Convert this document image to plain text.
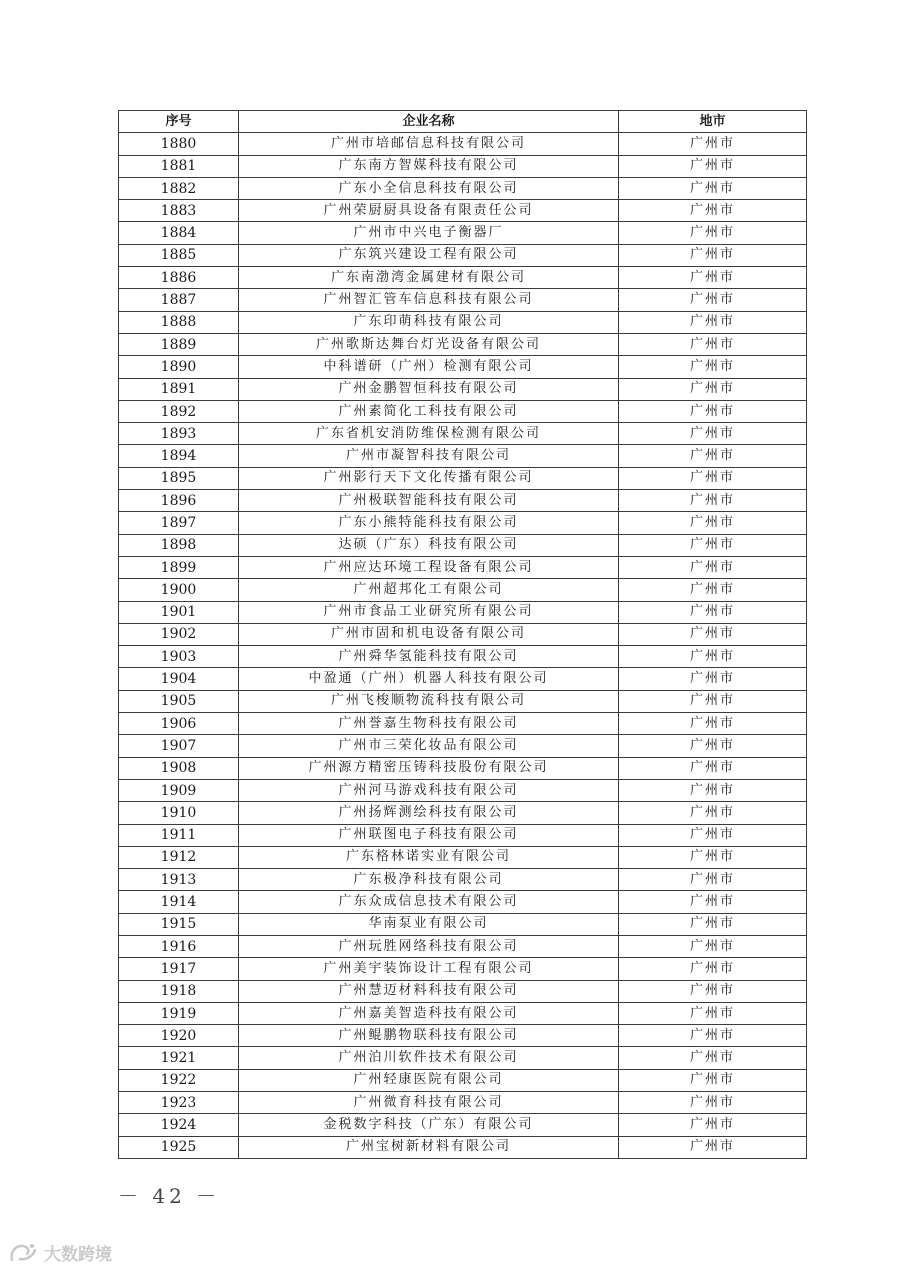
序号	企业名称	地市
1880	广州市培邮信息科技有限公司	广州市
1881	广东南方智媒科技有限公司	广州市
1882	广东小全信息科技有限公司	广州市
1883	广州荣厨厨具设备有限责任公司	广州市
1884	广州市中兴电子衡器厂	广州市
1885	广东筑兴建设工程有限公司	广州市
1886	广东南渤湾金属建材有限公司	广州市
1887	广州智汇管车信息科技有限公司	广州市
1888	广东印萌科技有限公司	广州市
1889	广州歌斯达舞台灯光设备有限公司	广州市
1890	中科谱研（广州）检测有限公司	广州市
1891	广州金鹏智恒科技有限公司	广州市
1892	广州素简化工科技有限公司	广州市
1893	广东省机安消防维保检测有限公司	广州市
1894	广州市凝智科技有限公司	广州市
1895	广州影行天下文化传播有限公司	广州市
1896	广州极联智能科技有限公司	广州市
1897	广东小熊特能科技有限公司	广州市
1898	达硕（广东）科技有限公司	广州市
1899	广州应达环境工程设备有限公司	广州市
1900	广州超邦化工有限公司	广州市
1901	广州市食品工业研究所有限公司	广州市
1902	广州市固和机电设备有限公司	广州市
1903	广州舜华氢能科技有限公司	广州市
1904	中盈通（广州）机器人科技有限公司	广州市
1905	广州飞梭顺物流科技有限公司	广州市
1906	广州誉嘉生物科技有限公司	广州市
1907	广州市三荣化妆品有限公司	广州市
1908	广州源方精密压铸科技股份有限公司	广州市
1909	广州河马游戏科技有限公司	广州市
1910	广州扬辉测绘科技有限公司	广州市
1911	广州联图电子科技有限公司	广州市
1912	广东格林诺实业有限公司	广州市
1913	广东极净科技有限公司	广州市
1914	广东众成信息技术有限公司	广州市
1915	华南泵业有限公司	广州市
1916	广州玩胜网络科技有限公司	广州市
1917	广州美宇装饰设计工程有限公司	广州市
1918	广州慧迈材料科技有限公司	广州市
1919	广州嘉美智造科技有限公司	广州市
1920	广州鲲鹏物联科技有限公司	广州市
1921	广州泊川软件技术有限公司	广州市
1922	广州轻康医院有限公司	广州市
1923	广州微育科技有限公司	广州市
1924	金税数字科技（广东）有限公司	广州市
1925	广州宝树新材料有限公司	广州市
－ 42 －
大数跨境
